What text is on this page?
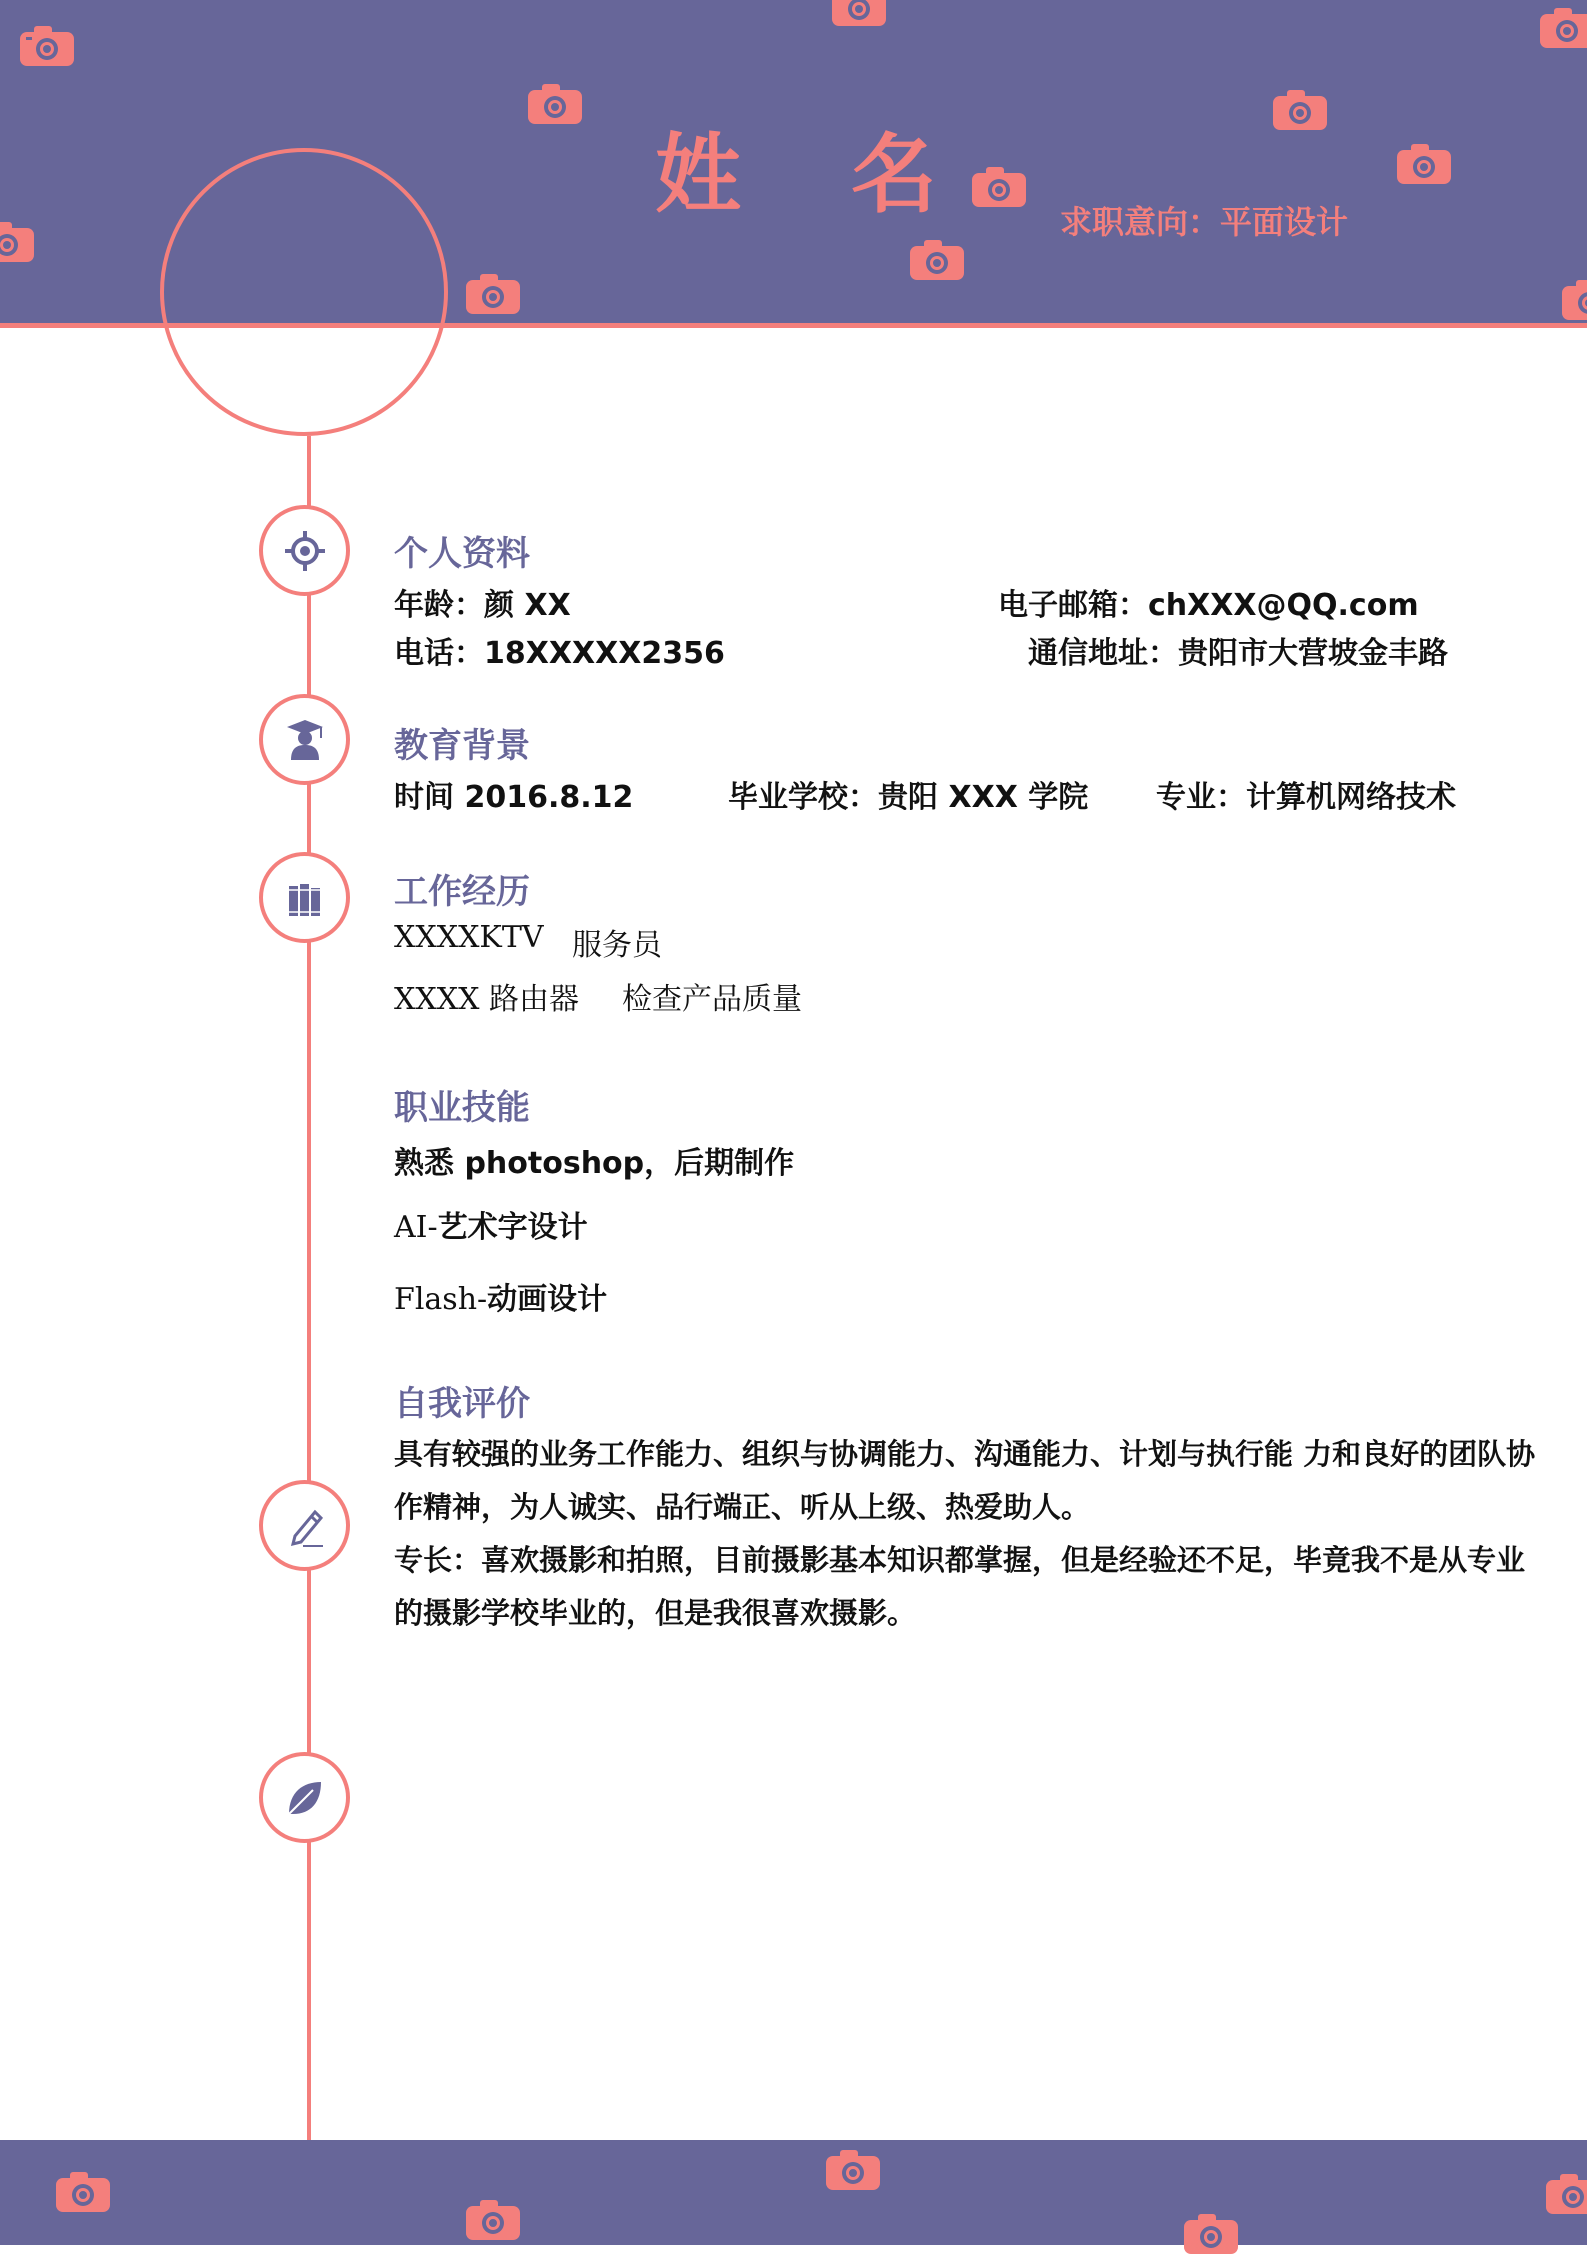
姓 名	求职意向：平面设计
个人资料
年龄：颜 XX	电子邮箱：chXXX@QQ.com
电话：18XXXXX2356	通信地址：贵阳市大营坡金丰路
教育背景
时间 2016.8.12	毕业学校：贵阳 XXX 学院 专业：计算机网络技术
工作经历
XXXXKTV 服务员
XXXX 路由器 检查产品质量
职业技能
熟悉 photoshop，后期制作
AI-艺术字设计
Flash-动画设计
自我评价
具有较强的业务工作能力、组织与协调能力、沟通能力、计划与执行能 力和良好的团队协作精神，为人诚实、品行端正、听从上级、热爱助人。
专长：喜欢摄影和拍照，目前摄影基本知识都掌握，但是经验还不足，毕竟我不是从专业的摄影学校毕业的，但是我很喜欢摄影。
